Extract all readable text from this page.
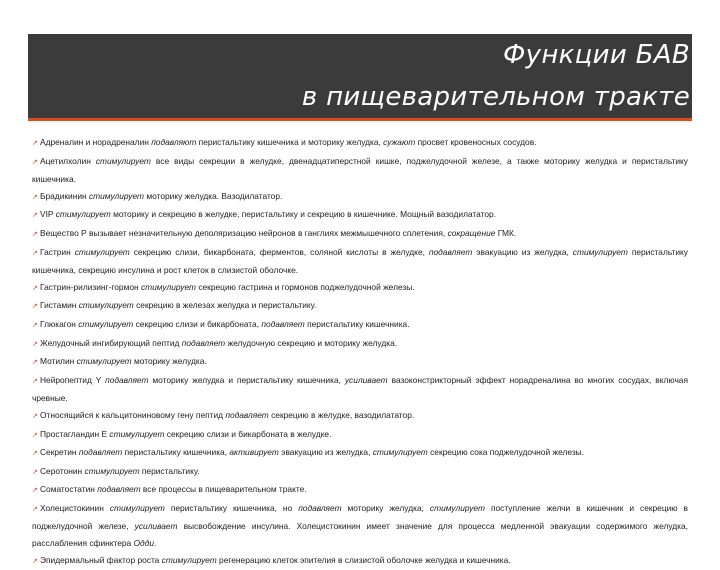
Функции БАВ
в пищеварительном тракте

↗ Адреналин и норадреналин подавляют перистальтику кишечника и моторику желудка, сужают просвет кровеносных сосудов.

↗ Ацетилхолин стимулирует все виды секреции в желудке, двенадцатиперстной кишке, поджелудочной железе, а также моторику желудка и перистальтику кишечника.

↗ Брадикинин стимулирует моторику желудка. Вазодилататор.

↗ VIP стимулирует моторику и секрецию в желудке, перистальтику и секрецию в кишечнике. Мощный вазодилататор.

↗ Вещество Р вызывает незначительную деполяризацию нейронов в ганглиях межмышечного сплетения, сокращение ГМК.

↗ Гастрин стимулирует секрецию слизи, бикарбоната, ферментов, соляной кислоты в желудке, подавляет эвакуацию из желудка, стимулирует перистальтику кишечника, секрецию инсулина и рост клеток в слизистой оболочке.

↗ Гастрин-рилизинг-гормон стимулирует секрецию гастрина и гормонов поджелудочной железы.

↗ Гистамин стимулирует секрецию в железах желудка и перистальтику.

↗ Глюкагон стимулирует секрецию слизи и бикарбоната, подавляет перистальтику кишечника.

↗ Желудочный ингибирующий пептид подавляет желудочную секрецию и моторику желудка.

↗ Мотилин стимулирует моторику желудка.

↗ Нейропептид Y подавляет моторику желудка и перистальтику кишечника, усиливает вазоконстрикторный эффект норадреналина во многих сосудах, включая чревные.

↗ Относящийся к кальцитониновому гену пептид подавляет секрецию в желудке, вазодилататор.

↗ Простагландин Е стимулирует секрецию слизи и бикарбоната в желудке.

↗ Секретин подавляет перистальтику кишечника, активирует эвакуацию из желудка, стимулирует секрецию сока поджелудочной железы.

↗ Серотонин стимулирует перистальтику.

↗ Соматостатин подавляет все процессы в пищеварительном тракте.

↗ Холецистокинин стимулирует перистальтику кишечника, но подавляет моторику желудка; стимулирует поступление желчи в кишечник и секрецию в поджелудочной железе, усиливает высвобождение инсулина. Холецистокинин имеет значение для процесса медленной эвакуации содержимого желудка, расслабления сфинктера Одди.

↗ Эпидермальный фактор роста стимулирует регенерацию клеток эпителия в слизистой оболочке желудка и кишечника.
